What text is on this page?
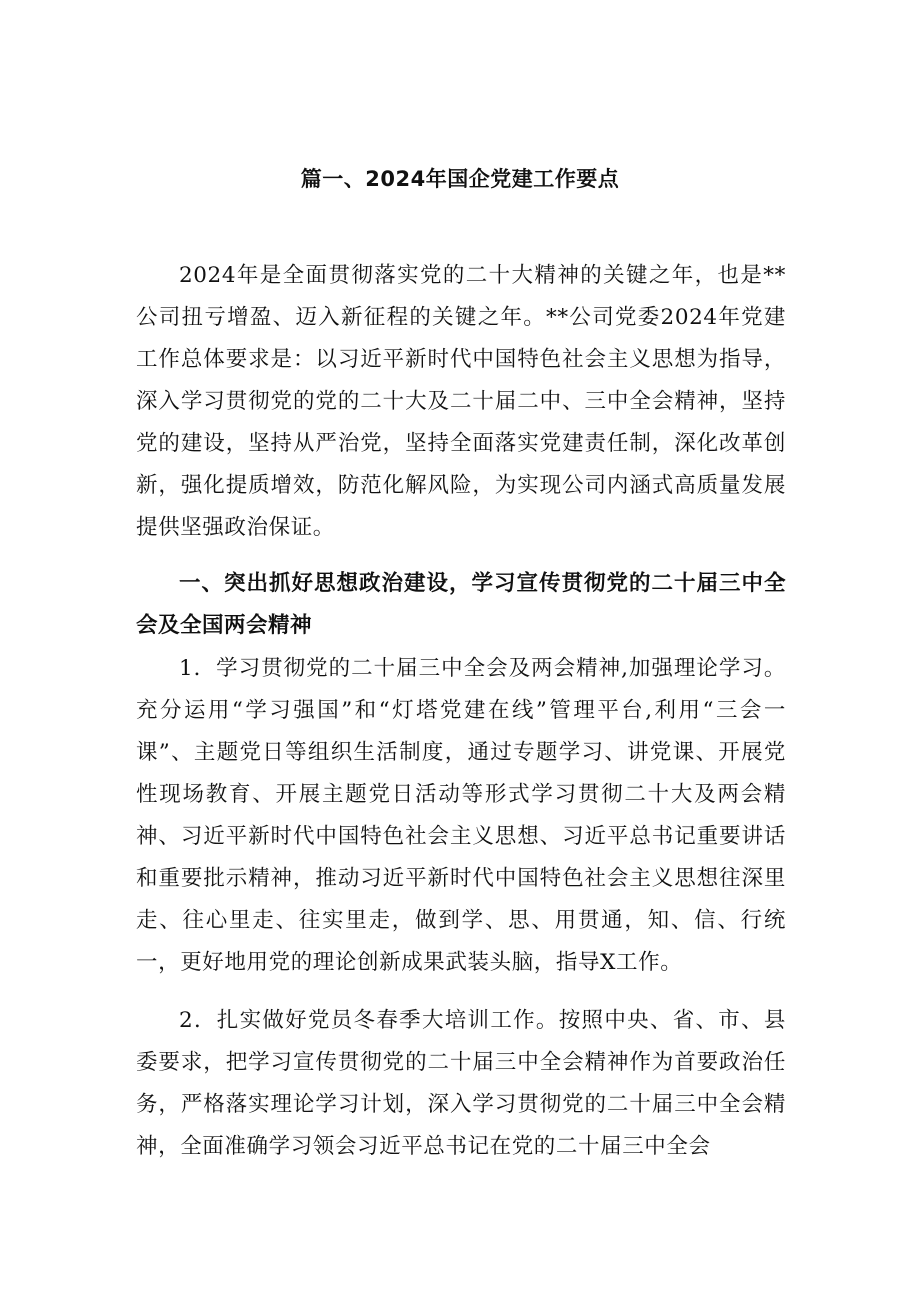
篇一、2024年国企党建工作要点

2024年是全面贯彻落实党的二十大精神的关键之年，也是**公司扭亏增盈、迈入新征程的关键之年。**公司党委2024年党建工作总体要求是：以习近平新时代中国特色社会主义思想为指导，深入学习贯彻党的党的二十大及二十届二中、三中全会精神，坚持党的建设，坚持从严治党，坚持全面落实党建责任制，深化改革创新，强化提质增效，防范化解风险，为实现公司内涵式高质量发展提供坚强政治保证。

一、突出抓好思想政治建设，学习宣传贯彻党的二十届三中全会及全国两会精神

1．学习贯彻党的二十届三中全会及两会精神,加强理论学习。充分运用“学习强国”和“灯塔党建在线”管理平台,利用“三会一课”、主题党日等组织生活制度，通过专题学习、讲党课、开展党性现场教育、开展主题党日活动等形式学习贯彻二十大及两会精神、习近平新时代中国特色社会主义思想、习近平总书记重要讲话和重要批示精神，推动习近平新时代中国特色社会主义思想往深里走、往心里走、往实里走，做到学、思、用贯通，知、信、行统一，更好地用党的理论创新成果武装头脑，指导X工作。

2．扎实做好党员冬春季大培训工作。按照中央、省、市、县委要求，把学习宣传贯彻党的二十届三中全会精神作为首要政治任务，严格落实理论学习计划，深入学习贯彻党的二十届三中全会精神，全面准确学习领会习近平总书记在党的二十届三中全会
